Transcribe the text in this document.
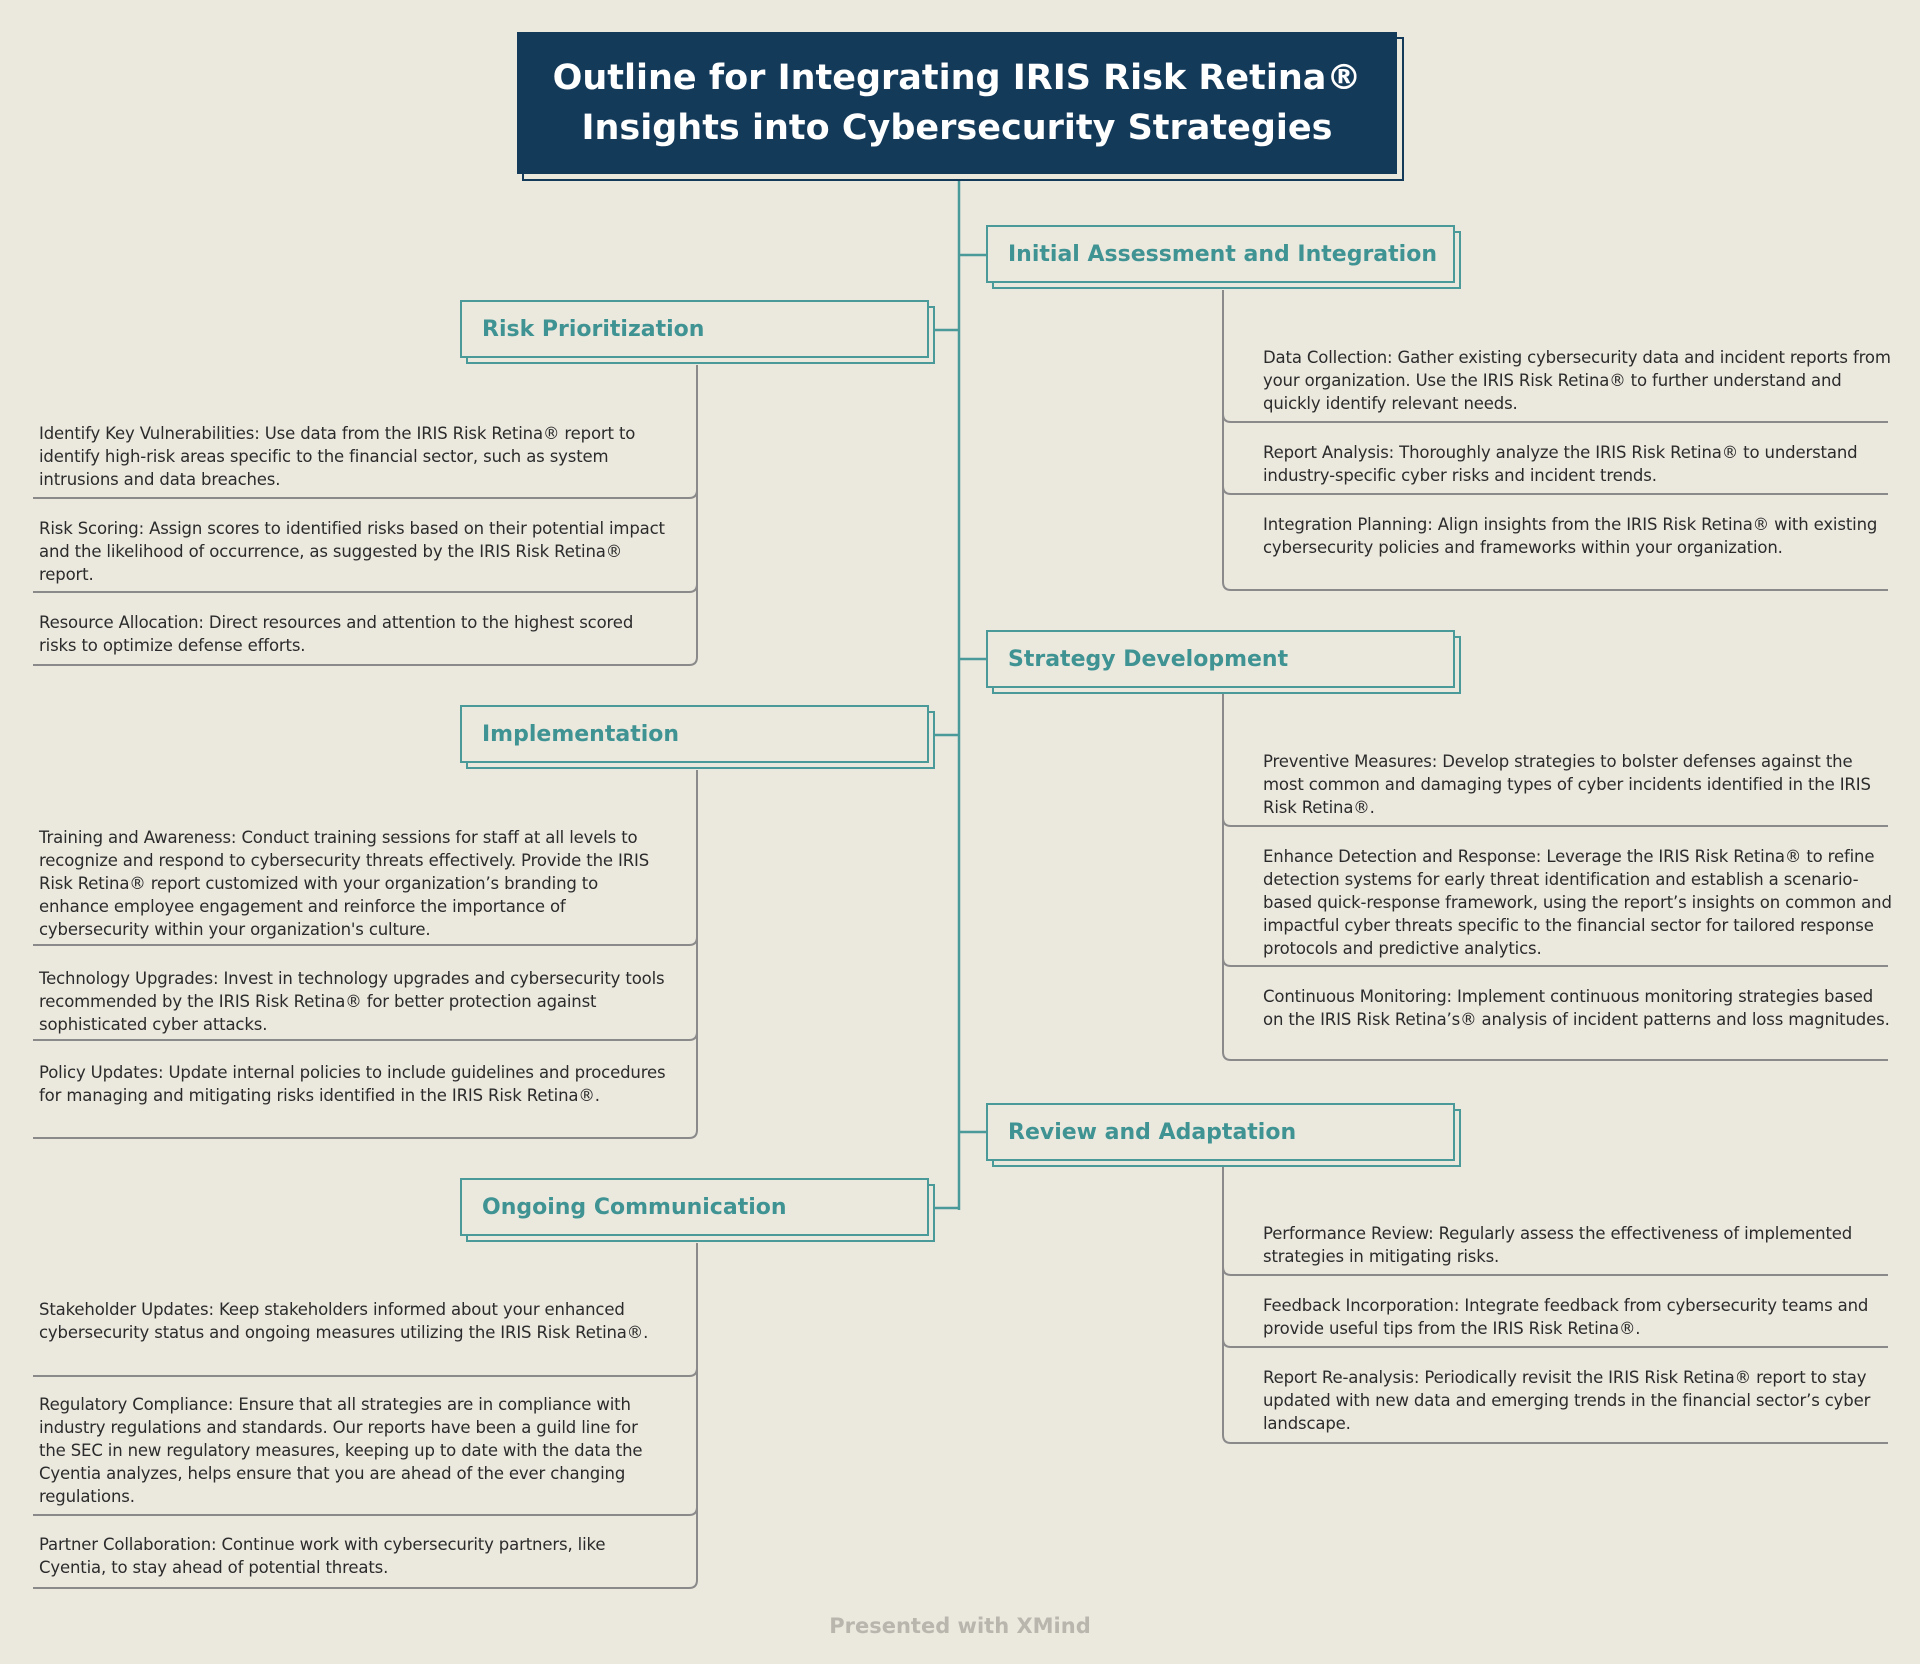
Outline for Integrating IRIS Risk Retina®
Insights into Cybersecurity Strategies
Initial Assessment and Integration
Data Collection: Gather existing cybersecurity data and incident reports from your organization. Use the IRIS Risk Retina® to further understand and quickly identify relevant needs.
Report Analysis: Thoroughly analyze the IRIS Risk Retina® to understand industry-specific cyber risks and incident trends.
Integration Planning: Align insights from the IRIS Risk Retina® with existing cybersecurity policies and frameworks within your organization.
Strategy Development
Preventive Measures: Develop strategies to bolster defenses against the most common and damaging types of cyber incidents identified in the IRIS Risk Retina®.
Enhance Detection and Response: Leverage the IRIS Risk Retina® to refine detection systems for early threat identification and establish a scenario-based quick-response framework, using the report’s insights on common and impactful cyber threats specific to the financial sector for tailored response protocols and predictive analytics.
Continuous Monitoring: Implement continuous monitoring strategies based on the IRIS Risk Retina’s® analysis of incident patterns and loss magnitudes.
Review and Adaptation
Performance Review: Regularly assess the effectiveness of implemented strategies in mitigating risks.
Feedback Incorporation: Integrate feedback from cybersecurity teams and provide useful tips from the IRIS Risk Retina®.
Report Re-analysis: Periodically revisit the IRIS Risk Retina® report to stay updated with new data and emerging trends in the financial sector’s cyber landscape.
Risk Prioritization
Identify Key Vulnerabilities: Use data from the IRIS Risk Retina® report to identify high-risk areas specific to the financial sector, such as system intrusions and data breaches.
Risk Scoring: Assign scores to identified risks based on their potential impact and the likelihood of occurrence, as suggested by the IRIS Risk Retina® report.
Resource Allocation: Direct resources and attention to the highest scored risks to optimize defense efforts.
Implementation
Training and Awareness: Conduct training sessions for staff at all levels to recognize and respond to cybersecurity threats effectively. Provide the IRIS Risk Retina® report customized with your organization’s branding to enhance employee engagement and reinforce the importance of cybersecurity within your organization's culture.
Technology Upgrades: Invest in technology upgrades and cybersecurity tools recommended by the IRIS Risk Retina® for better protection against sophisticated cyber attacks.
Policy Updates: Update internal policies to include guidelines and procedures for managing and mitigating risks identified in the IRIS Risk Retina®.
Ongoing Communication
Stakeholder Updates: Keep stakeholders informed about your enhanced cybersecurity status and ongoing measures utilizing the IRIS Risk Retina®.
Regulatory Compliance: Ensure that all strategies are in compliance with industry regulations and standards. Our reports have been a guild line for the SEC in new regulatory measures, keeping up to date with the data the Cyentia analyzes, helps ensure that you are ahead of the ever changing regulations.
Partner Collaboration: Continue work with cybersecurity partners, like Cyentia, to stay ahead of potential threats.
Presented with XMind
